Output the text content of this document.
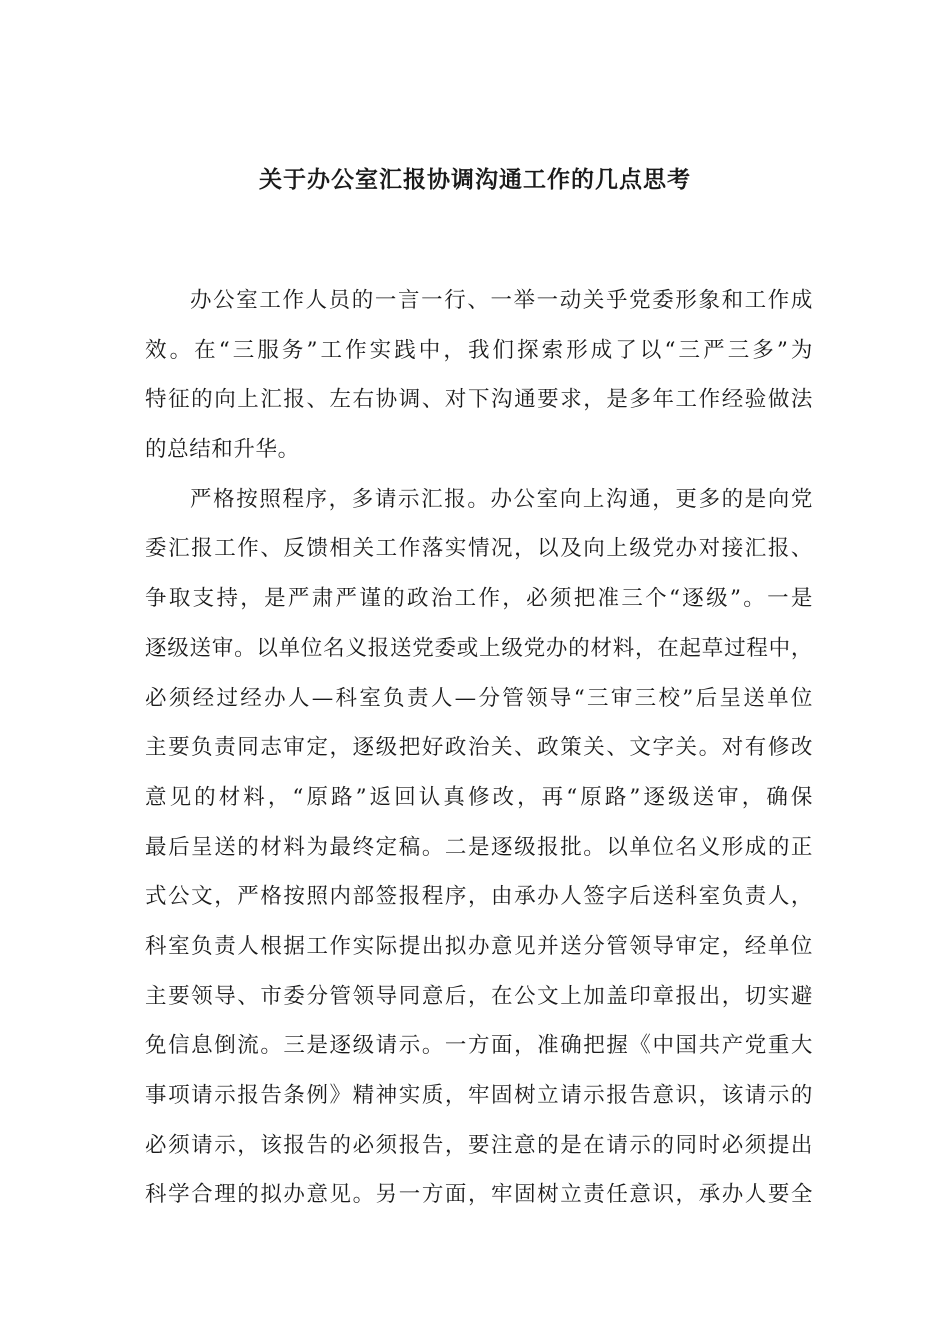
关于办公室汇报协调沟通工作的几点思考
办公室工作人员的一言一行、一举一动关乎党委形象和工作成
效。在“三服务”工作实践中，我们探索形成了以“三严三多”为
特征的向上汇报、左右协调、对下沟通要求，是多年工作经验做法
的总结和升华。
严格按照程序，多请示汇报。办公室向上沟通，更多的是向党
委汇报工作、反馈相关工作落实情况，以及向上级党办对接汇报、
争取支持，是严肃严谨的政治工作，必须把准三个“逐级”。一是
逐级送审。以单位名义报送党委或上级党办的材料，在起草过程中，
必须经过经办人—科室负责人—分管领导“三审三校”后呈送单位
主要负责同志审定，逐级把好政治关、政策关、文字关。对有修改
意见的材料，“原路”返回认真修改，再“原路”逐级送审，确保
最后呈送的材料为最终定稿。二是逐级报批。以单位名义形成的正
式公文，严格按照内部签报程序，由承办人签字后送科室负责人，
科室负责人根据工作实际提出拟办意见并送分管领导审定，经单位
主要领导、市委分管领导同意后，在公文上加盖印章报出，切实避
免信息倒流。三是逐级请示。一方面，准确把握《中国共产党重大
事项请示报告条例》精神实质，牢固树立请示报告意识，该请示的
必须请示，该报告的必须报告，要注意的是在请示的同时必须提出
科学合理的拟办意见。另一方面，牢固树立责任意识，承办人要全
